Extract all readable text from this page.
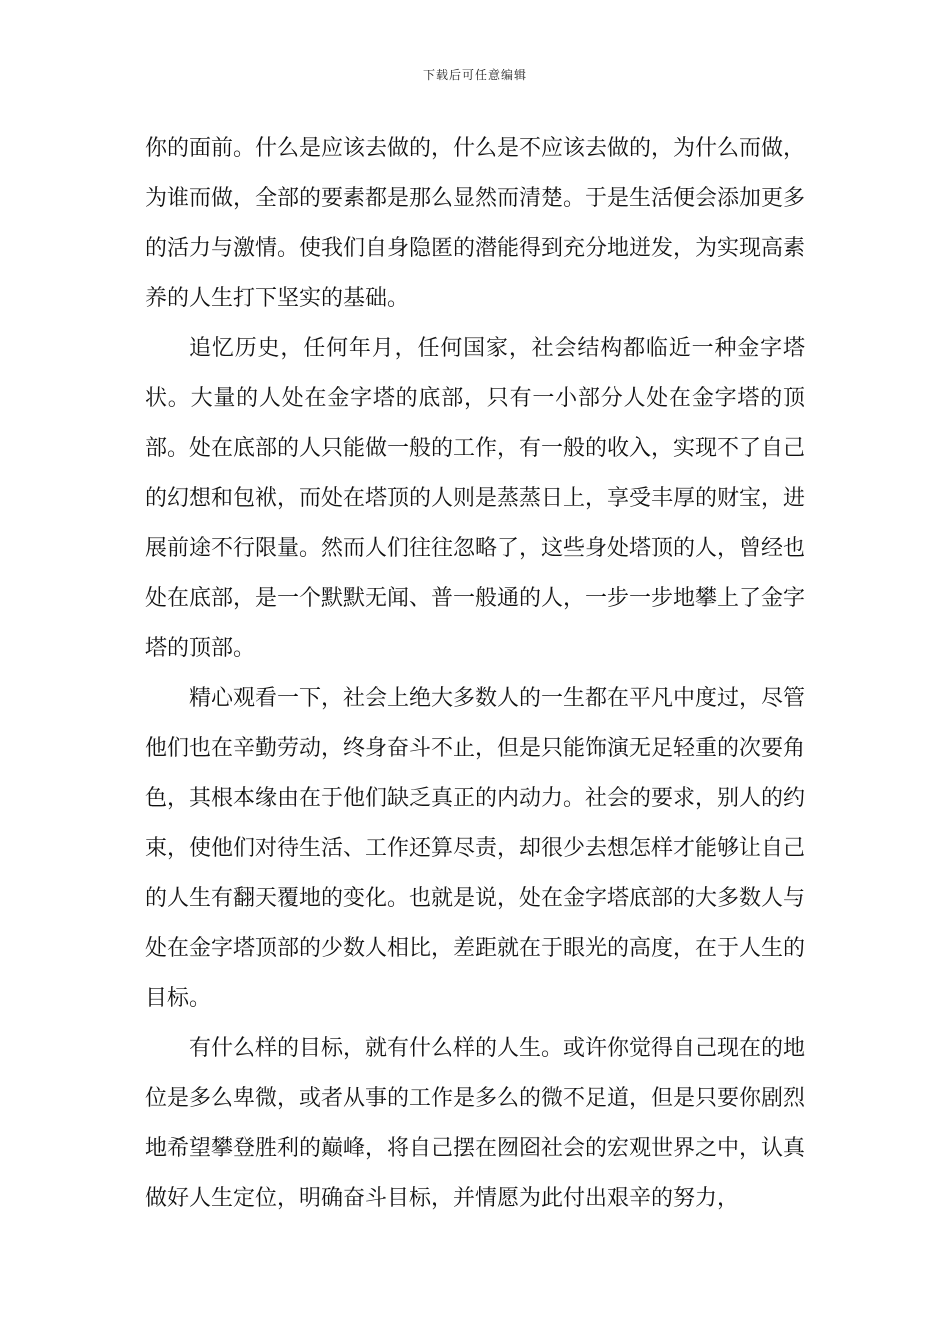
下载后可任意编辑

你的面前。什么是应该去做的，什么是不应该去做的，为什么而做，为谁而做，全部的要素都是那么显然而清楚。于是生活便会添加更多的活力与激情。使我们自身隐匿的潜能得到充分地迸发，为实现高素养的人生打下坚实的基础。

追忆历史，任何年月，任何国家，社会结构都临近一种金字塔状。大量的人处在金字塔的底部，只有一小部分人处在金字塔的顶部。处在底部的人只能做一般的工作，有一般的收入，实现不了自己的幻想和包袱，而处在塔顶的人则是蒸蒸日上，享受丰厚的财宝，进展前途不行限量。然而人们往往忽略了，这些身处塔顶的人，曾经也处在底部，是一个默默无闻、普一般通的人，一步一步地攀上了金字塔的顶部。

精心观看一下，社会上绝大多数人的一生都在平凡中度过，尽管他们也在辛勤劳动，终身奋斗不止，但是只能饰演无足轻重的次要角色，其根本缘由在于他们缺乏真正的内动力。社会的要求，别人的约束，使他们对待生活、工作还算尽责，却很少去想怎样才能够让自己的人生有翻天覆地的变化。也就是说，处在金字塔底部的大多数人与处在金字塔顶部的少数人相比，差距就在于眼光的高度，在于人生的目标。

有什么样的目标，就有什么样的人生。或许你觉得自己现在的地位是多么卑微，或者从事的工作是多么的微不足道，但是只要你剧烈地希望攀登胜利的巅峰，将自己摆在囫囵社会的宏观世界之中，认真做好人生定位，明确奋斗目标，并情愿为此付出艰辛的努力，
